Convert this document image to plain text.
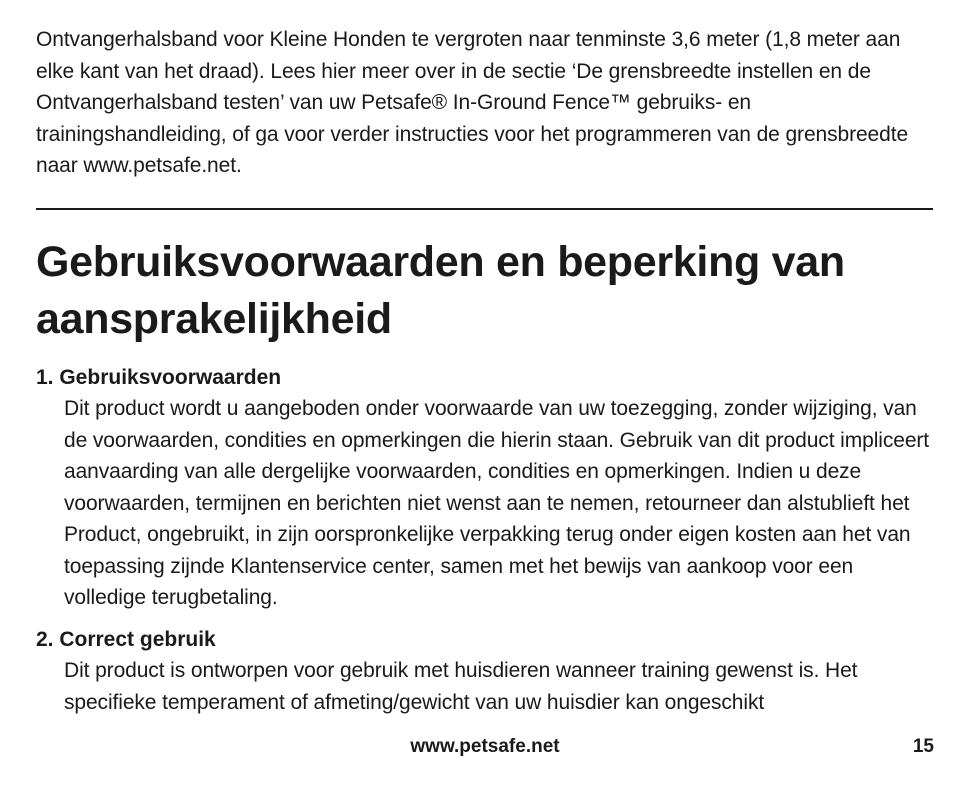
Ontvangerhalsband voor Kleine Honden te vergroten naar tenminste 3,6 meter (1,8 meter aan elke kant van het draad). Lees hier meer over in de sectie ‘De grensbreedte instellen en de Ontvangerhalsband testen’ van uw Petsafe® In-Ground Fence™ gebruiks- en trainingshandleiding, of ga voor verder instructies voor het programmeren van de grensbreedte naar www.petsafe.net.

Gebruiksvoorwaarden en beperking van aansprakelijkheid
1. Gebruiksvoorwaarden

Dit product wordt u aangeboden onder voorwaarde van uw toezegging, zonder wijziging, van de voorwaarden, condities en opmerkingen die hierin staan. Gebruik van dit product impliceert aanvaarding van alle dergelijke voorwaarden, condities en opmerkingen. Indien u deze voorwaarden, termijnen en berichten niet wenst aan te nemen, retourneer dan alstublieft het Product, ongebruikt, in zijn oorspronkelijke verpakking terug onder eigen kosten aan het van toepassing zijnde Klantenservice center, samen met het bewijs van aankoop voor een volledige terugbetaling.

2. Correct gebruik

Dit product is ontworpen voor gebruik met huisdieren wanneer training gewenst is. Het specifieke temperament of afmeting/gewicht van uw huisdier kan ongeschikt

www.petsafe.net	15
